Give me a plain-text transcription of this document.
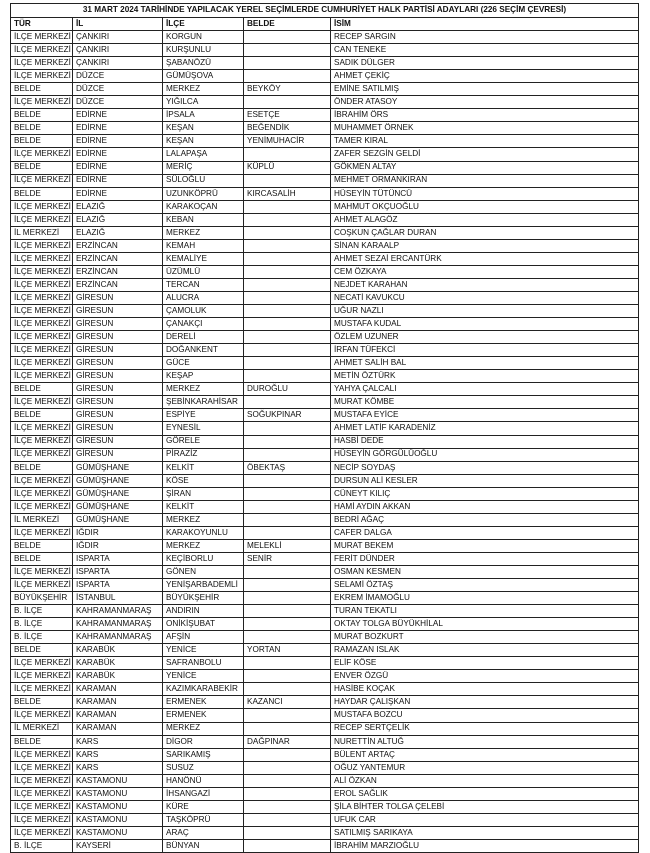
31 MART 2024 TARİHİNDE YAPILACAK YEREL SEÇİMLERDE CUMHURİYET HALK PARTİSİ ADAYLARI (226 SEÇİM ÇEVRESİ)				
TÜR	İL	İLÇE	BELDE	İSİM
İLÇE MERKEZİ	ÇANKIRI	KORGUN		RECEP SARGIN
İLÇE MERKEZİ	ÇANKIRI	KURŞUNLU		CAN TENEKE
İLÇE MERKEZİ	ÇANKIRI	ŞABANÖZÜ		SADIK DÜLGER
İLÇE MERKEZİ	DÜZCE	GÜMÜŞOVA		AHMET ÇEKİÇ
BELDE	DÜZCE	MERKEZ	BEYKÖY	EMİNE SATILMIŞ
İLÇE MERKEZİ	DÜZCE	YIĞILCA		ÖNDER ATASOY
BELDE	EDİRNE	İPSALA	ESETÇE	İBRAHİM ÖRS
BELDE	EDİRNE	KEŞAN	BEĞENDİK	MUHAMMET ÖRNEK
BELDE	EDİRNE	KEŞAN	YENİMUHACİR	TAMER KIRAL
İLÇE MERKEZİ	EDİRNE	LALAPAŞA		ZAFER SEZGİN GELDİ
BELDE	EDİRNE	MERİÇ	KÜPLÜ	GÖKMEN ALTAY
İLÇE MERKEZİ	EDİRNE	SÜLOĞLU		MEHMET ORMANKIRAN
BELDE	EDİRNE	UZUNKÖPRÜ	KIRCASALİH	HÜSEYİN TÜTÜNCÜ
İLÇE MERKEZİ	ELAZIĞ	KARAKOÇAN		MAHMUT OKÇUOĞLU
İLÇE MERKEZİ	ELAZIĞ	KEBAN		AHMET ALAGÖZ
İL MERKEZİ	ELAZIĞ	MERKEZ		COŞKUN ÇAĞLAR DURAN
İLÇE MERKEZİ	ERZİNCAN	KEMAH		SİNAN KARAALP
İLÇE MERKEZİ	ERZİNCAN	KEMALİYE		AHMET SEZAİ ERCANTÜRK
İLÇE MERKEZİ	ERZİNCAN	ÜZÜMLÜ		CEM ÖZKAYA
İLÇE MERKEZİ	ERZİNCAN	TERCAN		NEJDET KARAHAN
İLÇE MERKEZİ	GİRESUN	ALUCRA		NECATİ KAVUKCU
İLÇE MERKEZİ	GİRESUN	ÇAMOLUK		UĞUR NAZLI
İLÇE MERKEZİ	GİRESUN	ÇANAKÇI		MUSTAFA KUDAL
İLÇE MERKEZİ	GİRESUN	DERELİ		ÖZLEM UZUNER
İLÇE MERKEZİ	GİRESUN	DOĞANKENT		İRFAN TÜFEKCİ
İLÇE MERKEZİ	GİRESUN	GÜCE		AHMET SALİH BAL
İLÇE MERKEZİ	GİRESUN	KEŞAP		METİN ÖZTÜRK
BELDE	GİRESUN	MERKEZ	DUROĞLU	YAHYA ÇALCALI
İLÇE MERKEZİ	GİRESUN	ŞEBİNKARAHİSAR		MURAT KÖMBE
BELDE	GİRESUN	ESPİYE	SOĞUKPINAR	MUSTAFA EYİCE
İLÇE MERKEZİ	GİRESUN	EYNESİL		AHMET LATİF KARADENİZ
İLÇE MERKEZİ	GİRESUN	GÖRELE		HASBİ DEDE
İLÇE MERKEZİ	GİRESUN	PİRAZİZ		HÜSEYİN GÖRGÜLÜOĞLU
BELDE	GÜMÜŞHANE	KELKİT	ÖBEKTAŞ	NECİP SOYDAŞ
İLÇE MERKEZİ	GÜMÜŞHANE	KÖSE		DURSUN ALİ KESLER
İLÇE MERKEZİ	GÜMÜŞHANE	ŞİRAN		CÜNEYT KILIÇ
İLÇE MERKEZİ	GÜMÜŞHANE	KELKİT		HAMİ AYDIN AKKAN
İL MERKEZİ	GÜMÜŞHANE	MERKEZ		BEDRİ AĞAÇ
İLÇE MERKEZİ	IĞDIR	KARAKOYUNLU		CAFER DALGA
BELDE	IĞDIR	MERKEZ	MELEKLİ	MURAT BEKEM
BELDE	ISPARTA	KEÇİBORLU	SENİR	FERİT DÜNDER
İLÇE MERKEZİ	ISPARTA	GÖNEN		OSMAN KESMEN
İLÇE MERKEZİ	ISPARTA	YENİŞARBADEMLİ		SELAMİ ÖZTAŞ
BÜYÜKŞEHİR	İSTANBUL	BÜYÜKŞEHİR		EKREM İMAMOĞLU
B. İLÇE	KAHRAMANMARAŞ	ANDIRIN		TURAN TEKATLI
B. İLÇE	KAHRAMANMARAŞ	ONİKİŞUBAT		OKTAY TOLGA BÜYÜKHİLAL
B. İLÇE	KAHRAMANMARAŞ	AFŞİN		MURAT BOZKURT
BELDE	KARABÜK	YENİCE	YORTAN	RAMAZAN ISLAK
İLÇE MERKEZİ	KARABÜK	SAFRANBOLU		ELİF KÖSE
İLÇE MERKEZİ	KARABÜK	YENİCE		ENVER ÖZGÜ
İLÇE MERKEZİ	KARAMAN	KAZIMKARABEKİR		HASİBE KOÇAK
BELDE	KARAMAN	ERMENEK	KAZANCI	HAYDAR ÇALIŞKAN
İLÇE MERKEZİ	KARAMAN	ERMENEK		MUSTAFA BOZCU
İL MERKEZİ	KARAMAN	MERKEZ		RECEP SERTÇELİK
BELDE	KARS	DİGOR	DAĞPINAR	NURETTİN ALTUĞ
İLÇE MERKEZİ	KARS	SARIKAMIŞ		BÜLENT ARTAÇ
İLÇE MERKEZİ	KARS	SUSUZ		OĞUZ YANTEMUR
İLÇE MERKEZİ	KASTAMONU	HANÖNÜ		ALİ ÖZKAN
İLÇE MERKEZİ	KASTAMONU	İHSANGAZİ		EROL SAĞLIK
İLÇE MERKEZİ	KASTAMONU	KÜRE		ŞİLA BİHTER TOLGA ÇELEBİ
İLÇE MERKEZİ	KASTAMONU	TAŞKÖPRÜ		UFUK CAR
İLÇE MERKEZİ	KASTAMONU	ARAÇ		SATILMIŞ SARIKAYA
B. İLÇE	KAYSERİ	BÜNYAN		İBRAHİM MARZIOĞLU
